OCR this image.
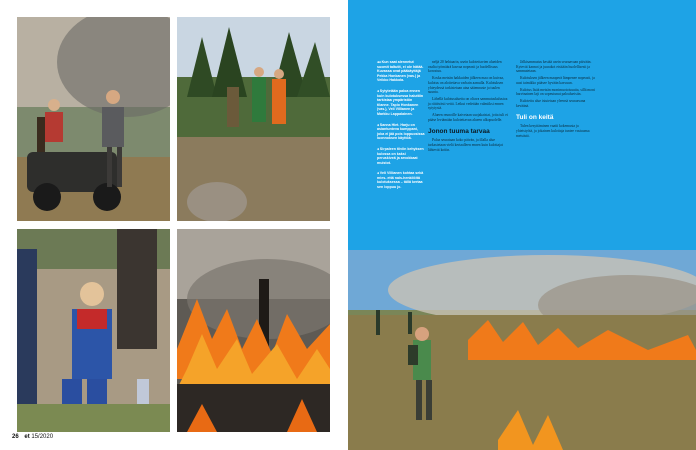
26 et 15/2020

◂◂ Kun saat alennetut suomit taltutit, ei ole hätää. Kuvassa ovat pääkäyttäjä Pekka Honkanen (vas.) ja Veikko Hakkola.

◂ Sytytetään paloa ennen kuin kulotuksessa haluttiin tarkistaa ympäristön tilanne. Tapio Honkanen (vas.), Veli Villianen ja Markku Lappalainen.

◂ Sanna Hiet. Harju on asiantunteva kumppani, joka ei jää pois loppuosissa luonnoksen käyttöä.

◂ Sirpaleen tiiviin kehyksen kulossa on kaksi peruskiveä ja arvokkaat muistot.

◂ Veli Villianen kohtaa sekä mies- että nais-henkilöitä kulotuksessa – tällä kertaa sen loppuu jo.

neljä 20 hehtaarin, usein kulotettavien alueiden osalta työmäärä kasvaa nopeasti ja huolellisuus korostuu.

Koska metsän hakkuiden jälkeen maa on kuivaa, kulotus on aloitettava varhain aamulla. Kulotuksen yhteydessä tarkistetaan aina sääennuste ja tuulen suunta.

Lähellä kulotusaluetta on oltava sammutuskalustoa ja riittävästi vettä. Letkut vedetään valmiiksi ennen sytytystä.

Alueen reunoille kaivetaan suojakaistat, jotta tuli ei pääse leviämään kulotettavan alueen ulkopuolelle.

Jonon tuuma tarvaa

Paloa seurataan koko päivän, ja illalla alue tarkastetaan vielä kertaalleen ennen kuin kulottajat lähtevät kotiin.

Jälkisammutus kestää usein seuraavaan päivään. Kytevät kannot ja juurakot etsitään huolellisesti ja sammutetaan.

Kulotuksen jälkeen maaperä lämpenee nopeasti, ja uusi taimikko pääsee hyvään kasvuun.

Kulotus lisää metsän monimuotoisuutta, sillä moni harvinainen laji on sopeutunut paloalueisiin.

Kulotettu alue istutetaan yleensä seuraavana keväänä.

Tuli on keitä

Tulen kesyttäminen vaatii kokemusta ja yhteistyötä, ja jokainen kulottaja tuntee vastuunsa metsästä.
